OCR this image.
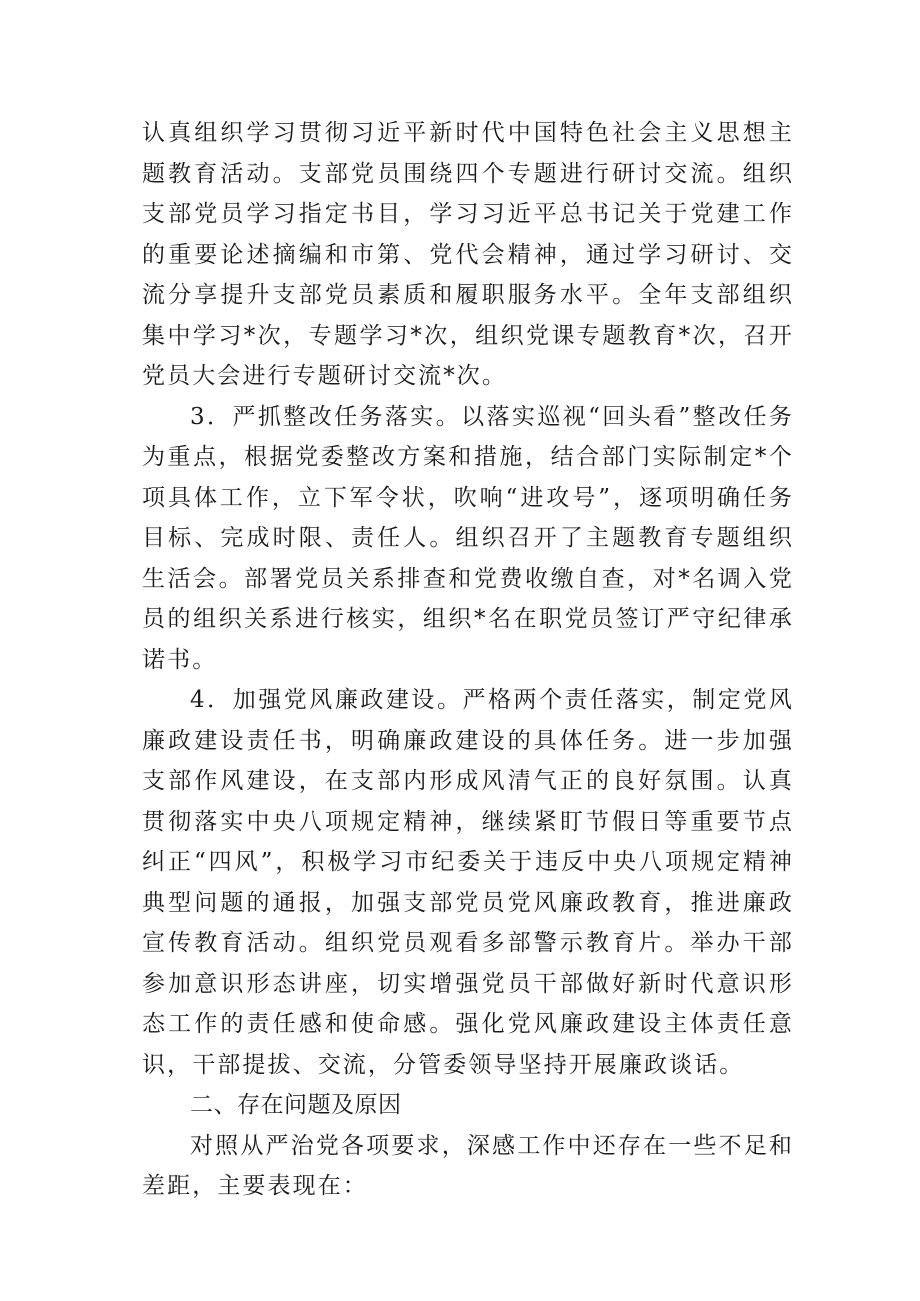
认真组织学习贯彻习近平新时代中国特色社会主义思想主题教育活动。支部党员围绕四个专题进行研讨交流。组织支部党员学习指定书目，学习习近平总书记关于党建工作的重要论述摘编和市第、党代会精神，通过学习研讨、交流分享提升支部党员素质和履职服务水平。全年支部组织集中学习*次，专题学习*次，组织党课专题教育*次，召开党员大会进行专题研讨交流*次。

3．严抓整改任务落实。以落实巡视“回头看”整改任务为重点，根据党委整改方案和措施，结合部门实际制定*个项具体工作，立下军令状，吹响“进攻号”，逐项明确任务目标、完成时限、责任人。组织召开了主题教育专题组织生活会。部署党员关系排查和党费收缴自查，对*名调入党员的组织关系进行核实，组织*名在职党员签订严守纪律承诺书。

4．加强党风廉政建设。严格两个责任落实，制定党风廉政建设责任书，明确廉政建设的具体任务。进一步加强支部作风建设，在支部内形成风清气正的良好氛围。认真贯彻落实中央八项规定精神，继续紧盯节假日等重要节点纠正“四风”，积极学习市纪委关于违反中央八项规定精神典型问题的通报，加强支部党员党风廉政教育，推进廉政宣传教育活动。组织党员观看多部警示教育片。举办干部参加意识形态讲座，切实增强党员干部做好新时代意识形态工作的责任感和使命感。强化党风廉政建设主体责任意识，干部提拔、交流，分管委领导坚持开展廉政谈话。

二、存在问题及原因

对照从严治党各项要求，深感工作中还存在一些不足和差距，主要表现在：
